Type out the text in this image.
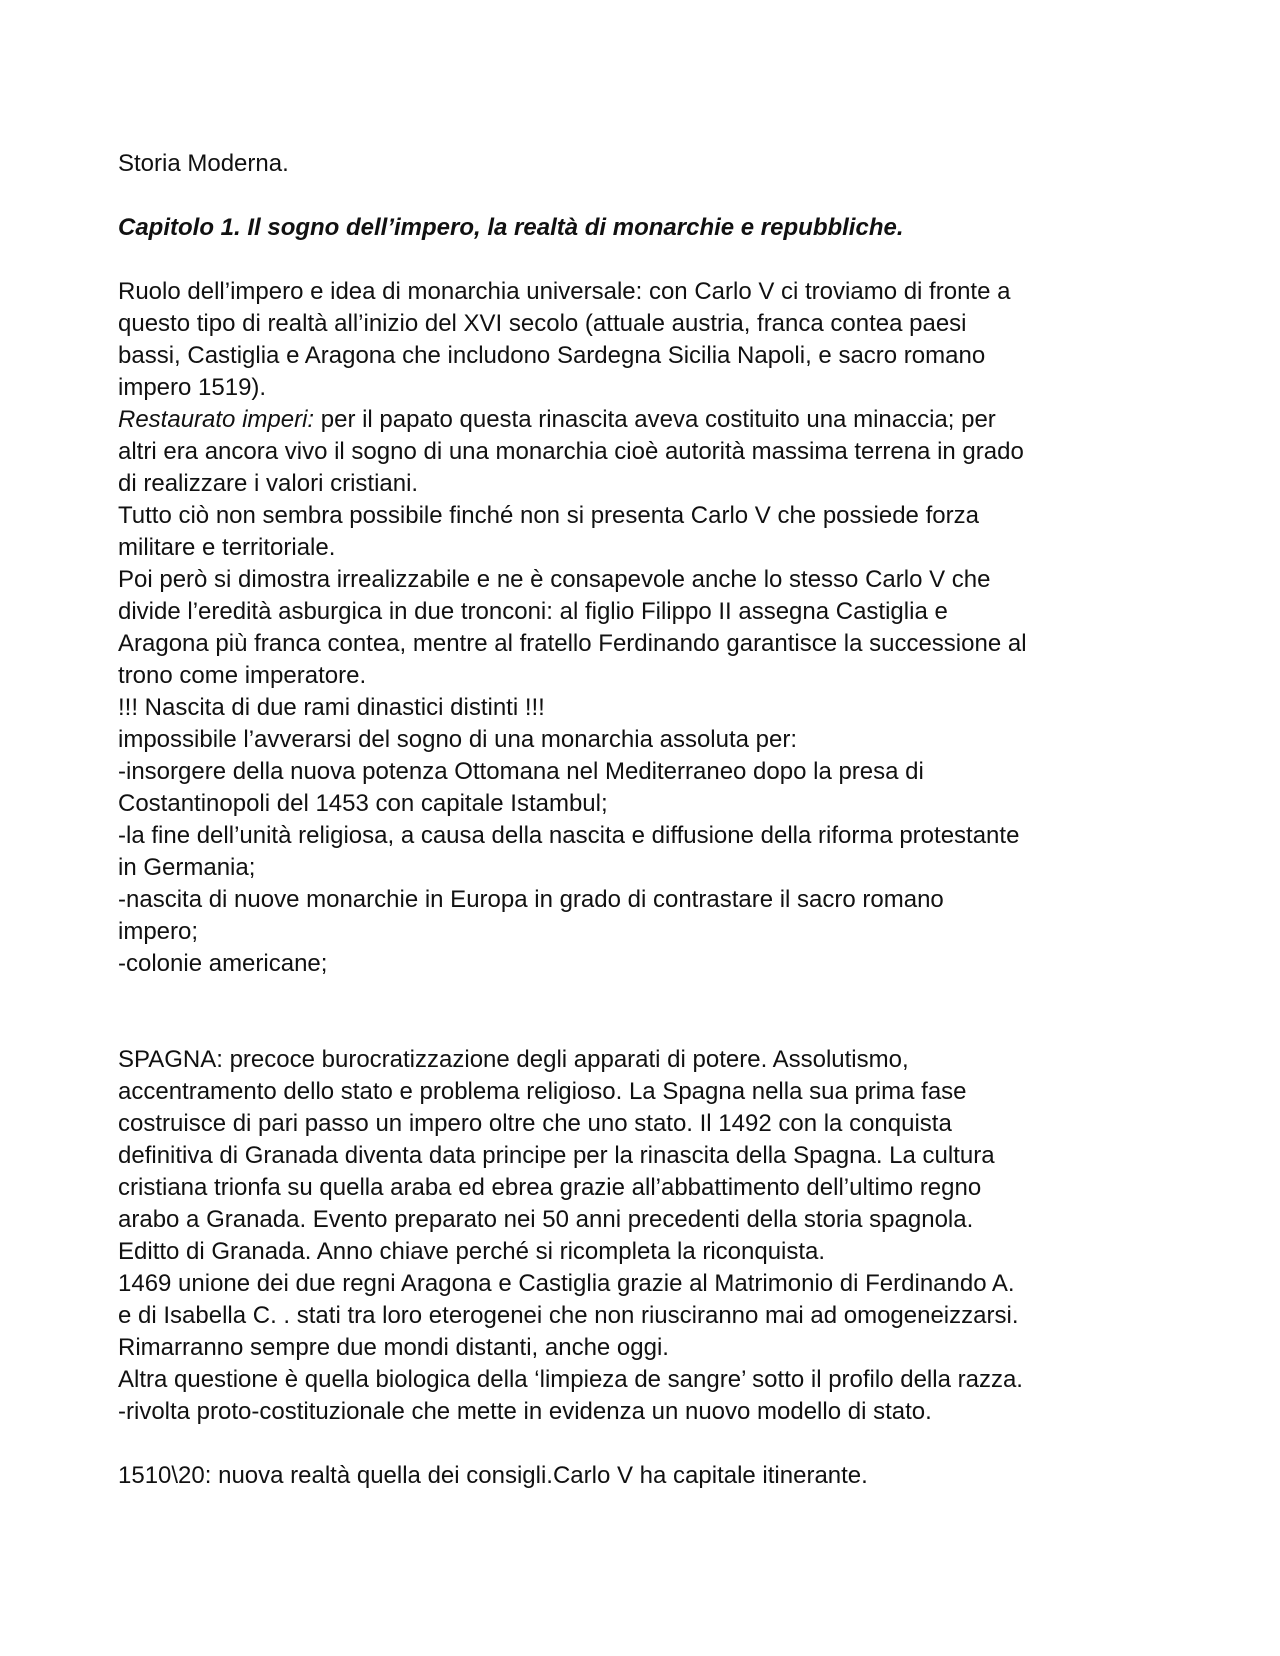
Storia Moderna.
Capitolo 1. Il sogno dell’impero, la realtà di monarchie e repubbliche.
Ruolo dell’impero e idea di monarchia universale: con Carlo V ci troviamo di fronte a
questo tipo di realtà all’inizio del XVI secolo (attuale austria, franca contea paesi
bassi, Castiglia e Aragona che includono Sardegna Sicilia Napoli, e sacro romano
impero 1519).
Restaurato imperi: per il papato questa rinascita aveva costituito una minaccia; per
altri era ancora vivo il sogno di una monarchia cioè autorità massima terrena in grado
di realizzare i valori cristiani.
Tutto ciò non sembra possibile finché non si presenta Carlo V che possiede forza
militare e territoriale.
Poi però si dimostra irrealizzabile e ne è consapevole anche lo stesso Carlo V che
divide l’eredità asburgica in due tronconi: al figlio Filippo II assegna Castiglia e
Aragona più franca contea, mentre al fratello Ferdinando garantisce la successione al
trono come imperatore.
!!! Nascita di due rami dinastici distinti !!!
impossibile l’avverarsi del sogno di una monarchia assoluta per:
-insorgere della nuova potenza Ottomana nel Mediterraneo dopo la presa di
Costantinopoli del 1453 con capitale Istambul;
-la fine dell’unità religiosa, a causa della nascita e diffusione della riforma protestante
in Germania;
-nascita di nuove monarchie in Europa in grado di contrastare il sacro romano
impero;
-colonie americane;
SPAGNA: precoce burocratizzazione degli apparati di potere. Assolutismo,
accentramento dello stato e problema religioso. La Spagna nella sua prima fase
costruisce di pari passo un impero oltre che uno stato. Il 1492 con la conquista
definitiva di Granada diventa data principe per la rinascita della Spagna. La cultura
cristiana trionfa su quella araba ed ebrea grazie all’abbattimento dell’ultimo regno
arabo a Granada. Evento preparato nei 50 anni precedenti della storia spagnola.
Editto di Granada. Anno chiave perché si ricompleta la riconquista.
1469 unione dei due regni Aragona e Castiglia grazie al Matrimonio di Ferdinando A.
e di Isabella C. . stati tra loro eterogenei che non riusciranno mai ad omogeneizzarsi.
Rimarranno sempre due mondi distanti, anche oggi.
Altra questione è quella biologica della ‘limpieza de sangre’ sotto il profilo della razza.
-rivolta proto-costituzionale che mette in evidenza un nuovo modello di stato.
1510\20: nuova realtà quella dei consigli.Carlo V ha capitale itinerante.
